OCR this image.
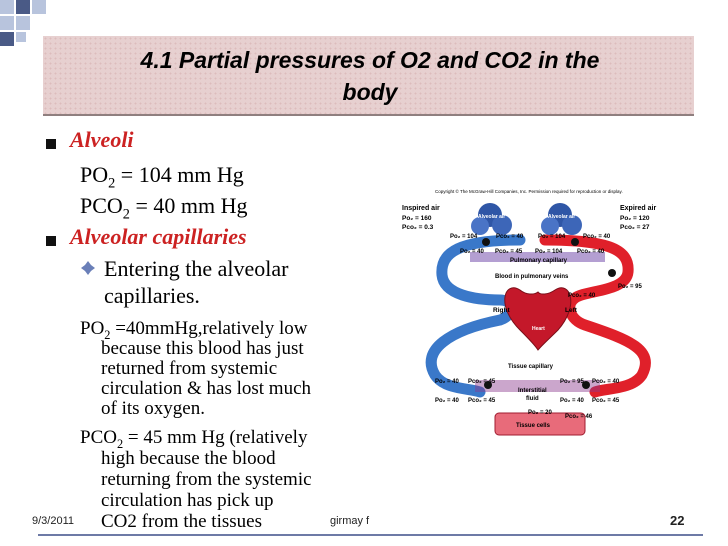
4.1 Partial pressures of O2 and CO2 in the
body
Alveoli
$PO_2 = 104$ mm Hg
$PCO_2 = 40$ mm Hg
Alveolar capillaries
Entering the alveolar
capillaries.
$PO_2$ =40mmHg,relatively low
because this blood has just
returned from systemic
circulation & has lost much
of its oxygen.
$PCO_2 = 45$ mm Hg (relatively
high because the blood
returning from the systemic
circulation has pick up
CO2 from the tissues
Copyright © The McGraw-Hill Companies, Inc. Permission required for reproduction or display.
Inspired air
Po₂ = 160
Pco₂ = 0.3
Expired air
Po₂ = 120
Pco₂ = 27
Alveolar air	Alveolar air
Po₂ = 104	Pco₂ = 40 Po₂ = 104	Pco₂ = 40
Po₂ = 40 Pco₂ = 45 Po₂ = 104 Pco₂ = 40
Pulmonary capillary
Blood in pulmonary veins
Po₂ = 95
Pco₂ = 40
Right	Left
Heart
Tissue capillary
Po₂ = 40 Pco₂ = 45	Po₂ = 95 Pco₂ = 40
Interstitial
fluid
Po₂ = 40 Pco₂ = 45	Po₂ = 40 Pco₂ = 45
Po₂ = 20
Pco₂ = 46
Tissue cells
9/3/2011	girmay f	22
